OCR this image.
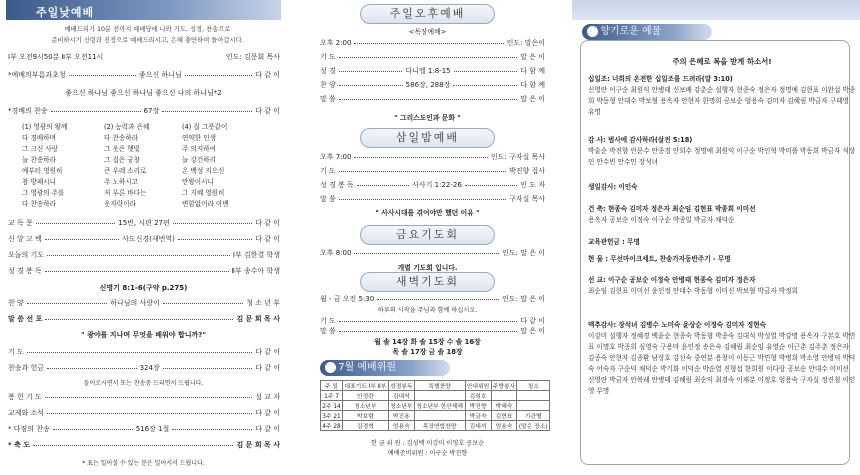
주일낮예배
예배드리기 10분 전까지 예배당에 나와 기도, 성경, 찬송으로
준비하시기 신령과 진정으로 예배드리시고, 은혜 충만하여 돌아갑시다.
Ⅰ부 오전9시50분 Ⅱ부 오전11시	인도: 김문회 목사
*예배의부름과초청	좋으신 하나님	다 같 이
좋으신 하나님 좋으신 하나님 좋으신 나의 하나님*2
*경배의 찬송	67장	다 같 이
(1) 영광의 왕께	(2) 능력과 은혜	(4) 질 그릇같이
다 경배하며	다 찬송하라	연약한 인생
그 크신 사랑	그 옷은 햇빛	주 의지하여
늘 찬송하라	그 집은 궁창	늘 강건하리
예부터 영원히	큰 우레 소리로	온 백성 지으신
참 방패시니	주 노하시고	만왕이시니
그 영광의 주를	저 푸른 바다는	그 지혜 영원히
다 찬송하라	옷자락이라	변함없어라 아멘
교 독 문	15번, 시편 27편	다 같 이
신 앙 고 백	사도신경(새번역)	다 같 이
오늘의 기도	Ⅰ부 김한결 학생
성 경 봉 독	Ⅱ부 송수아 학생
신명기 8:1-6(구약 p.275)
찬 양	하나님의 사랑이	청 소 년 부
말 씀 선 포	김 문 희 목 사
" 광야를 지나며 무엇을 배워야 합니까?"
기 도	다 같 이
찬송과 헌금	324장	다 같 이
들어오시면서 또는 찬송중 드리면서 드립니다.
봉 헌 기 도	설 교 자
교제와 소식	다 같 이
* 다짐의 찬송	516장 1절	다 같 이
* 축 도	김 문 희 목 사
* 표는 일어설 수 있는 분은 일어서서 드립니다.
주일오후예배
<목장예배>
오후 2:00	인도: 말은이
기 도	말 은 이
성 경	다니엘 1:8-15	다 함 께
찬 양	586장, 288장	다 함 께
말 씀	말 은 이
" 그리스도인과 문화 "
삼일밤예배
오후 7:00	인도: 구자실 목사
기 도	박진향 집사
성 경 봉 독	사사기 1:22-26	인 도 자
말 씀	구자실 목사
" 사사시대를 겪어야만 했던 이유 "
금요기도회
오후 8:00	인도: 말 은 이
개별 기도회 입니다.
새벽기도회
월 - 금 오전 5:30	인도: 말 은 이
하루의 시작을 주님과 함께 하십시오.
기 도	다 같 이
말 씀	말 은 이
월 솔 14장 화 솔 15장 수 솔 16장
목 솔 17장 금 솔 18장
7월 예배위원
주 일	대표기도 Ⅰ부 Ⅱ부	성경봉독	특별찬양	안내위원	주방봉사	청소
1주 7	안정란	김대석		김희호		
2주 14	청소년부	청소년부	청소년부 한산제해	박진향	박혜숙	
3주 21	박보람	박진용		박금자	김현표	기관별
4주 28	김경혁	엄용숙	목장연합찬양	김대석	엄용숙	(말은 장소)
헌 금 위 원 : 김성택 이강미 이영호 공보순
예배준비위원 : 이구순 박진향
향기로운 예물
주의 은혜로 복을 받게 하소서!
십일조: 너희의 온전한 십일조를 드려라(말 3:10)
신영란 이구순 최원익 안병태 신보배 강춘순 설행자 현종숙 정은자 정명예 김현표 이완섭 박종희 박동형 안대수 박보혈 용옥자 안현자 한명희 공보순 엄용숙 김미자 김혜림 박금자 구태영 유명
감 사: 범사에 감사하라(살전 5:18)
박술순 박진향 안문수 안종경 안희수 정명예 최원익 이구순 박인혁 박미플 박동희 박금자 석상인 안수빈 안수민 장석녀
생일감사: 이인숙
건 축: 현종숙 김미자 정은자 최순임 김현표 박종희 이미선
용옥자 공보순 이정숙 이구순 박종일 박금자 채덕순
교육관헌금 : 무명
현 물 : 무선마이크세트, 찬송가자동반주기 - 무명
선 교: 이구순 공보순 이정숙 안병태 현종숙 김미자 정은자
최순임 김현표 이미선 윤인정 안대수 박동형 이미선 박보혈 박금자 박정희
맥추감사: 장석녀 김병수 노미숙 윤상순 이정숙 김미자 정현숙
이강미 설행자 정혜경 백윤순 현종숙 박동형 박종숙 김대석 박성열 박강명 용옥자 구본호 박민표 이명호 박종희 심영숙 구용마 윤인정 송은숙 김혜림 최순임 유영순 이근춘 김주춘 정은자 김종숙 안현자 김종환 남상호 강신숙 중연분 용창이 이동근 박민형 박병희 박소영 안병덕 박덕숙 어숙자 구순덕 채덕순 박기화 이덕순 박순열 진형섭 한희원 이다랑 공보순 안대수 이미선 신영란 박금자 안복래 안병태 김혜림 최순익 최경숙 이채분 이정호 엄용숙 구자실 정진철 이인영 무명
